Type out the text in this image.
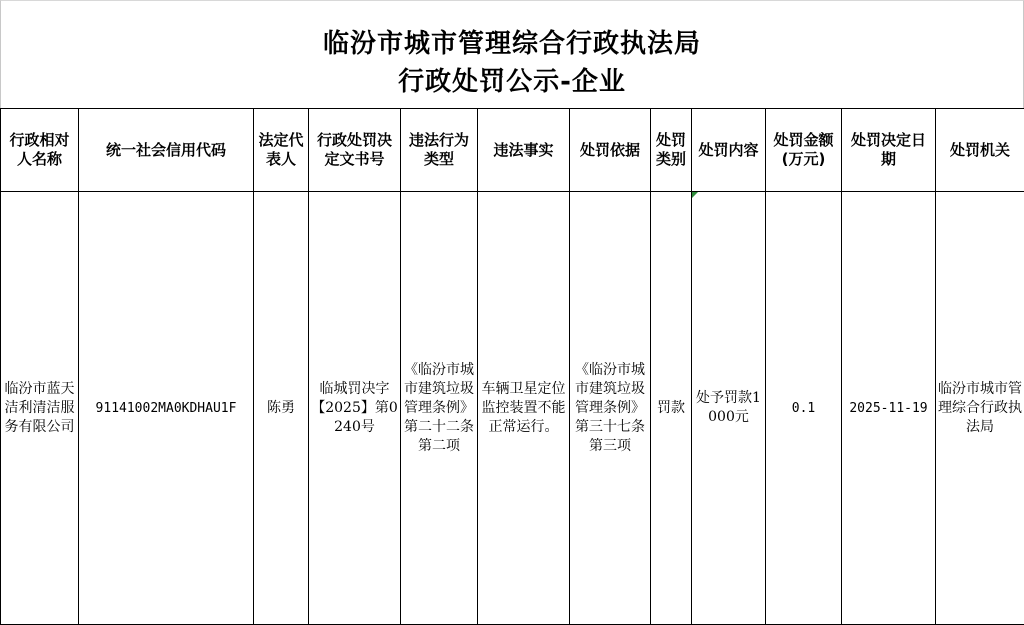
临汾市城市管理综合行政执法局
行政处罚公示-企业
行政相对人名称	统一社会信用代码	法定代表人	行政处罚决定文书号	违法行为类型	违法事实	处罚依据	处罚类别	处罚内容	处罚金额(万元)	处罚决定日期	处罚机关
临汾市蓝天洁利清洁服务有限公司	91141002MA0KDHAU1F	陈勇	临城罚决字【2025】第0240号	《临汾市城市建筑垃圾管理条例》第二十二条第二项	车辆卫星定位监控装置不能正常运行。	《临汾市城市建筑垃圾管理条例》第三十七条第三项	罚款	处予罚款1000元	0.1	2025-11-19	临汾市城市管理综合行政执法局
